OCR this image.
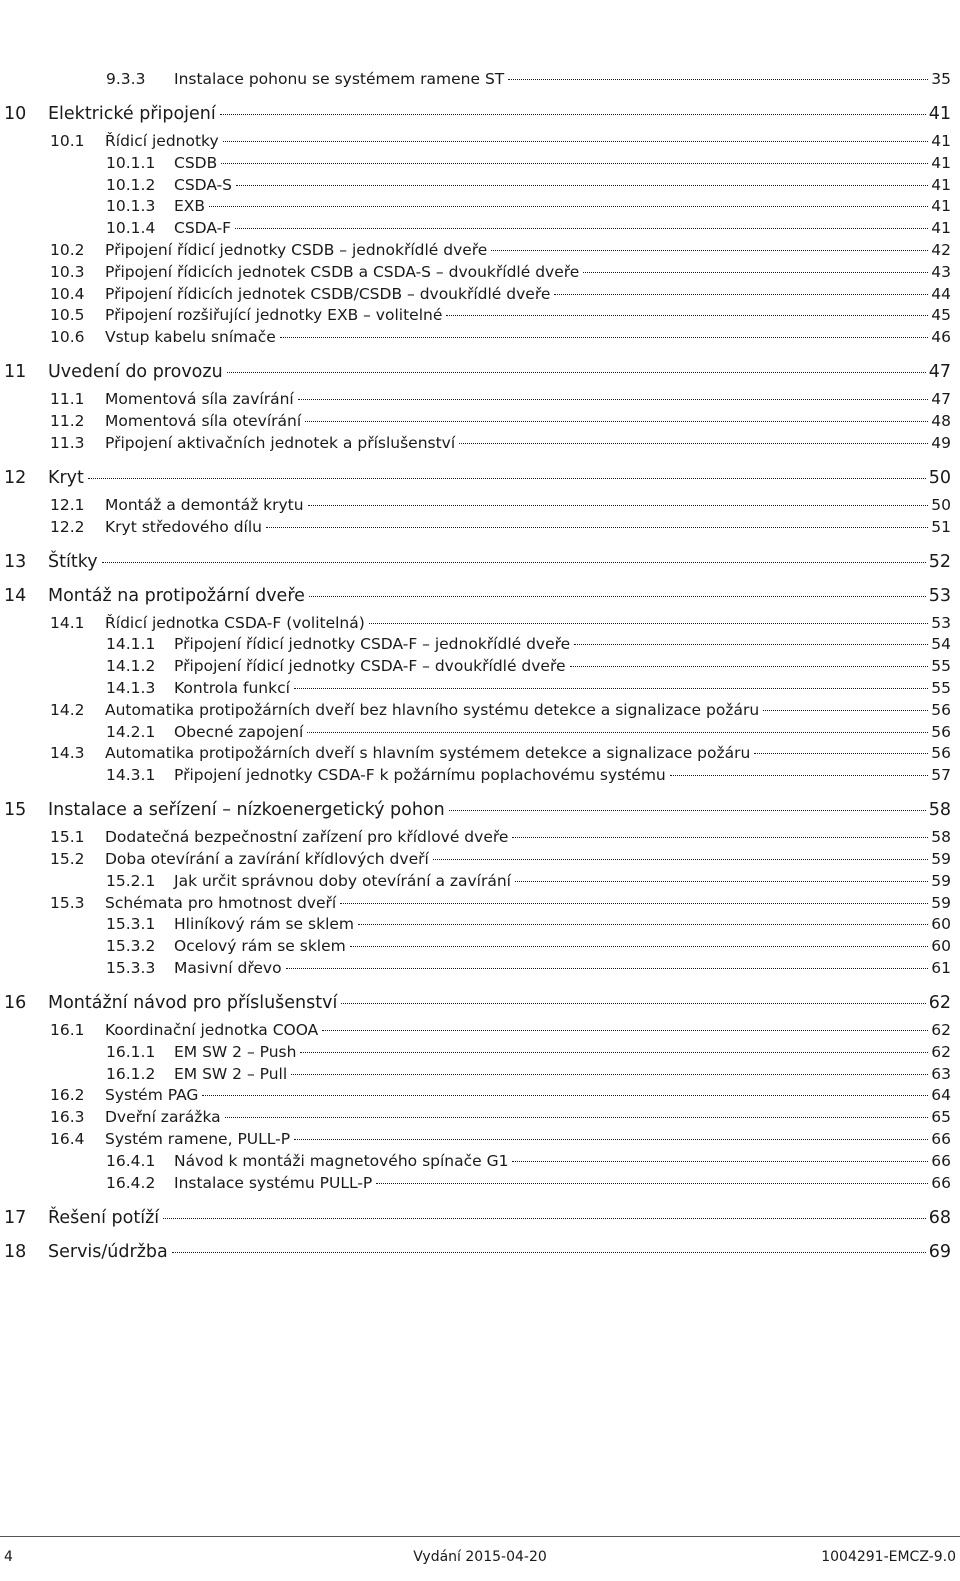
9.3.3	Instalace pohonu se systémem ramene ST	35
10	Elektrické připojení	41
10.1	Řídicí jednotky	41
10.1.1	CSDB	41
10.1.2	CSDA-S	41
10.1.3	EXB	41
10.1.4	CSDA-F	41
10.2	Připojení řídicí jednotky CSDB – jednokřídlé dveře	42
10.3	Připojení řídicích jednotek CSDB a CSDA-S – dvoukřídlé dveře	43
10.4	Připojení řídicích jednotek CSDB/CSDB – dvoukřídlé dveře	44
10.5	Připojení rozšiřující jednotky EXB – volitelné	45
10.6	Vstup kabelu snímače	46
11	Uvedení do provozu	47
11.1	Momentová síla zavírání	47
11.2	Momentová síla otevírání	48
11.3	Připojení aktivačních jednotek a příslušenství	49
12	Kryt	50
12.1	Montáž a demontáž krytu	50
12.2	Kryt středového dílu	51
13	Štítky	52
14	Montáž na protipožární dveře	53
14.1	Řídicí jednotka CSDA-F (volitelná)	53
14.1.1	Připojení řídicí jednotky CSDA-F – jednokřídlé dveře	54
14.1.2	Připojení řídicí jednotky CSDA-F – dvoukřídlé dveře	55
14.1.3	Kontrola funkcí	55
14.2	Automatika protipožárních dveří bez hlavního systému detekce a signalizace požáru	56
14.2.1	Obecné zapojení	56
14.3	Automatika protipožárních dveří s hlavním systémem detekce a signalizace požáru	56
14.3.1	Připojení jednotky CSDA-F k požárnímu poplachovému systému	57
15	Instalace a seřízení – nízkoenergetický pohon	58
15.1	Dodatečná bezpečnostní zařízení pro křídlové dveře	58
15.2	Doba otevírání a zavírání křídlových dveří	59
15.2.1	Jak určit správnou doby otevírání a zavírání	59
15.3	Schémata pro hmotnost dveří	59
15.3.1	Hliníkový rám se sklem	60
15.3.2	Ocelový rám se sklem	60
15.3.3	Masivní dřevo	61
16	Montážní návod pro příslušenství	62
16.1	Koordinační jednotka COOA	62
16.1.1	EM SW 2 – Push	62
16.1.2	EM SW 2 – Pull	63
16.2	Systém PAG	64
16.3	Dveřní zarážka	65
16.4	Systém ramene, PULL-P	66
16.4.1	Návod k montáži magnetového spínače G1	66
16.4.2	Instalace systému PULL-P	66
17	Řešení potíží	68
18	Servis/údržba	69
4	Vydání 2015-04-20	1004291-EMCZ-9.0
